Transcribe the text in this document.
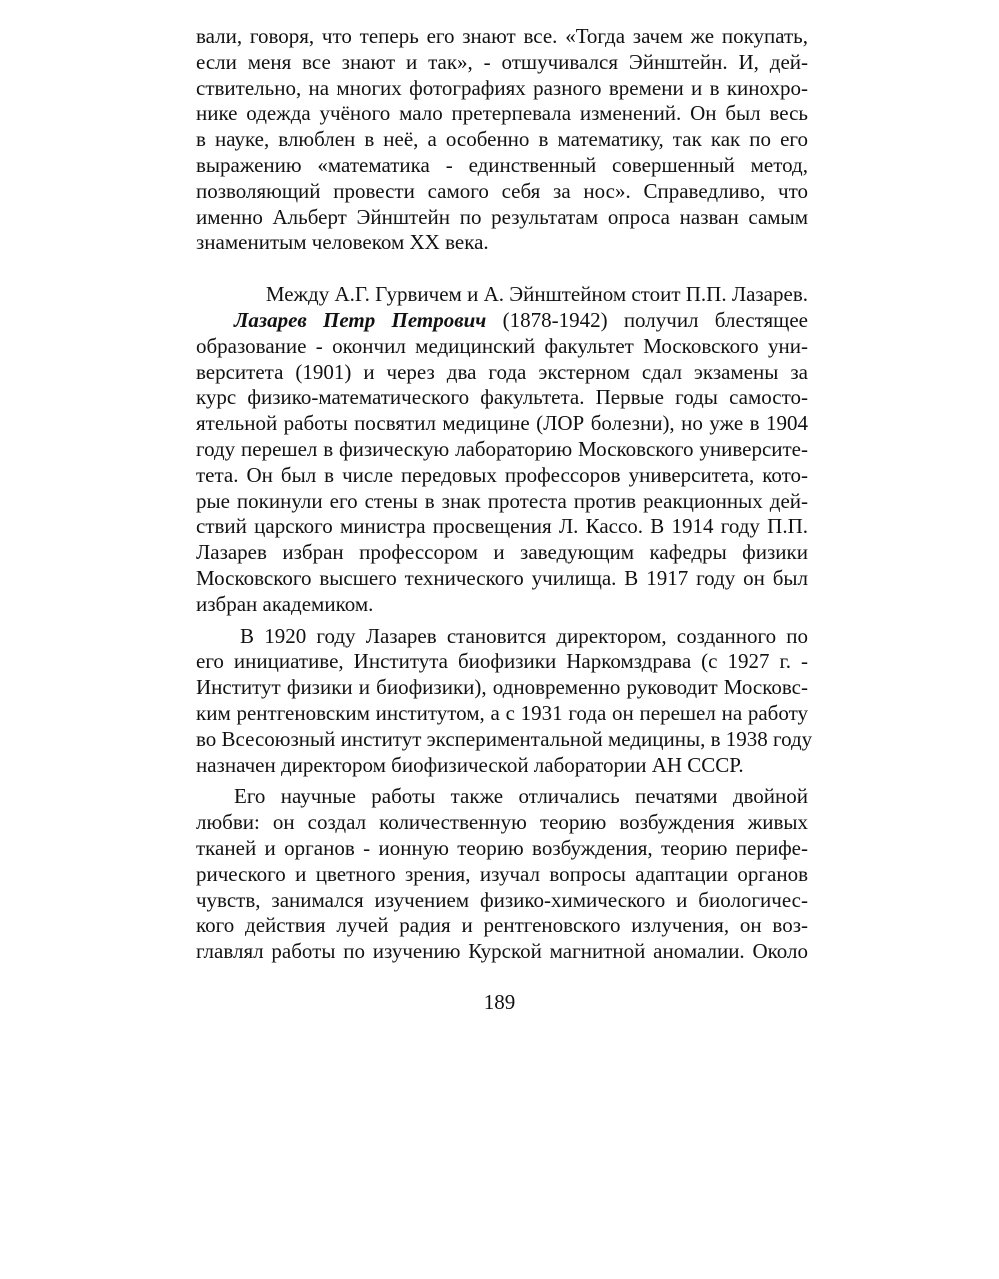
вали, говоря, что теперь его знают все. «Тогда зачем же покупать,
если меня все знают и так», - отшучивался Эйнштейн. И, дей-
ствительно, на многих фотографиях разного времени и в кинохро-
нике одежда учёного мало претерпевала изменений. Он был весь
в науке, влюблен в неё, а особенно в математику, так как по его
выражению «математика - единственный совершенный метод,
позволяющий провести самого себя за нос». Справедливо, что
именно Альберт Эйнштейн по результатам опроса назван самым
знаменитым человеком XX века.
Между А.Г. Гурвичем и А. Эйнштейном стоит П.П. Лазарев.
Лазарев Петр Петрович (1878-1942) получил блестящее
образование - окончил медицинский факультет Московского уни-
верситета (1901) и через два года экстерном сдал экзамены за
курс физико-математического факультета. Первые годы самосто-
ятельной работы посвятил медицине (ЛОР болезни), но уже в 1904
году перешел в физическую лабораторию Московского университе-
тета. Он был в числе передовых профессоров университета, кото-
рые покинули его стены в знак протеста против реакционных дей-
ствий царского министра просвещения Л. Кассо. В 1914 году П.П.
Лазарев избран профессором и заведующим кафедры физики
Московского высшего технического училища. В 1917 году он был
избран академиком.
В 1920 году Лазарев становится директором, созданного по
его инициативе, Института биофизики Наркомздрава (с 1927 г. -
Институт физики и биофизики), одновременно руководит Московс-
ким рентгеновским институтом, а с 1931 года он перешел на работу
во Всесоюзный институт экспериментальной медицины, в 1938 году
назначен директором биофизической лаборатории АН СССР.
Его научные работы также отличались печатями двойной
любви: он создал количественную теорию возбуждения живых
тканей и органов - ионную теорию возбуждения, теорию перифе-
рического и цветного зрения, изучал вопросы адаптации органов
чувств, занимался изучением физико-химического и биологичес-
кого действия лучей радия и рентгеновского излучения, он воз-
главлял работы по изучению Курской магнитной аномалии. Около
189
